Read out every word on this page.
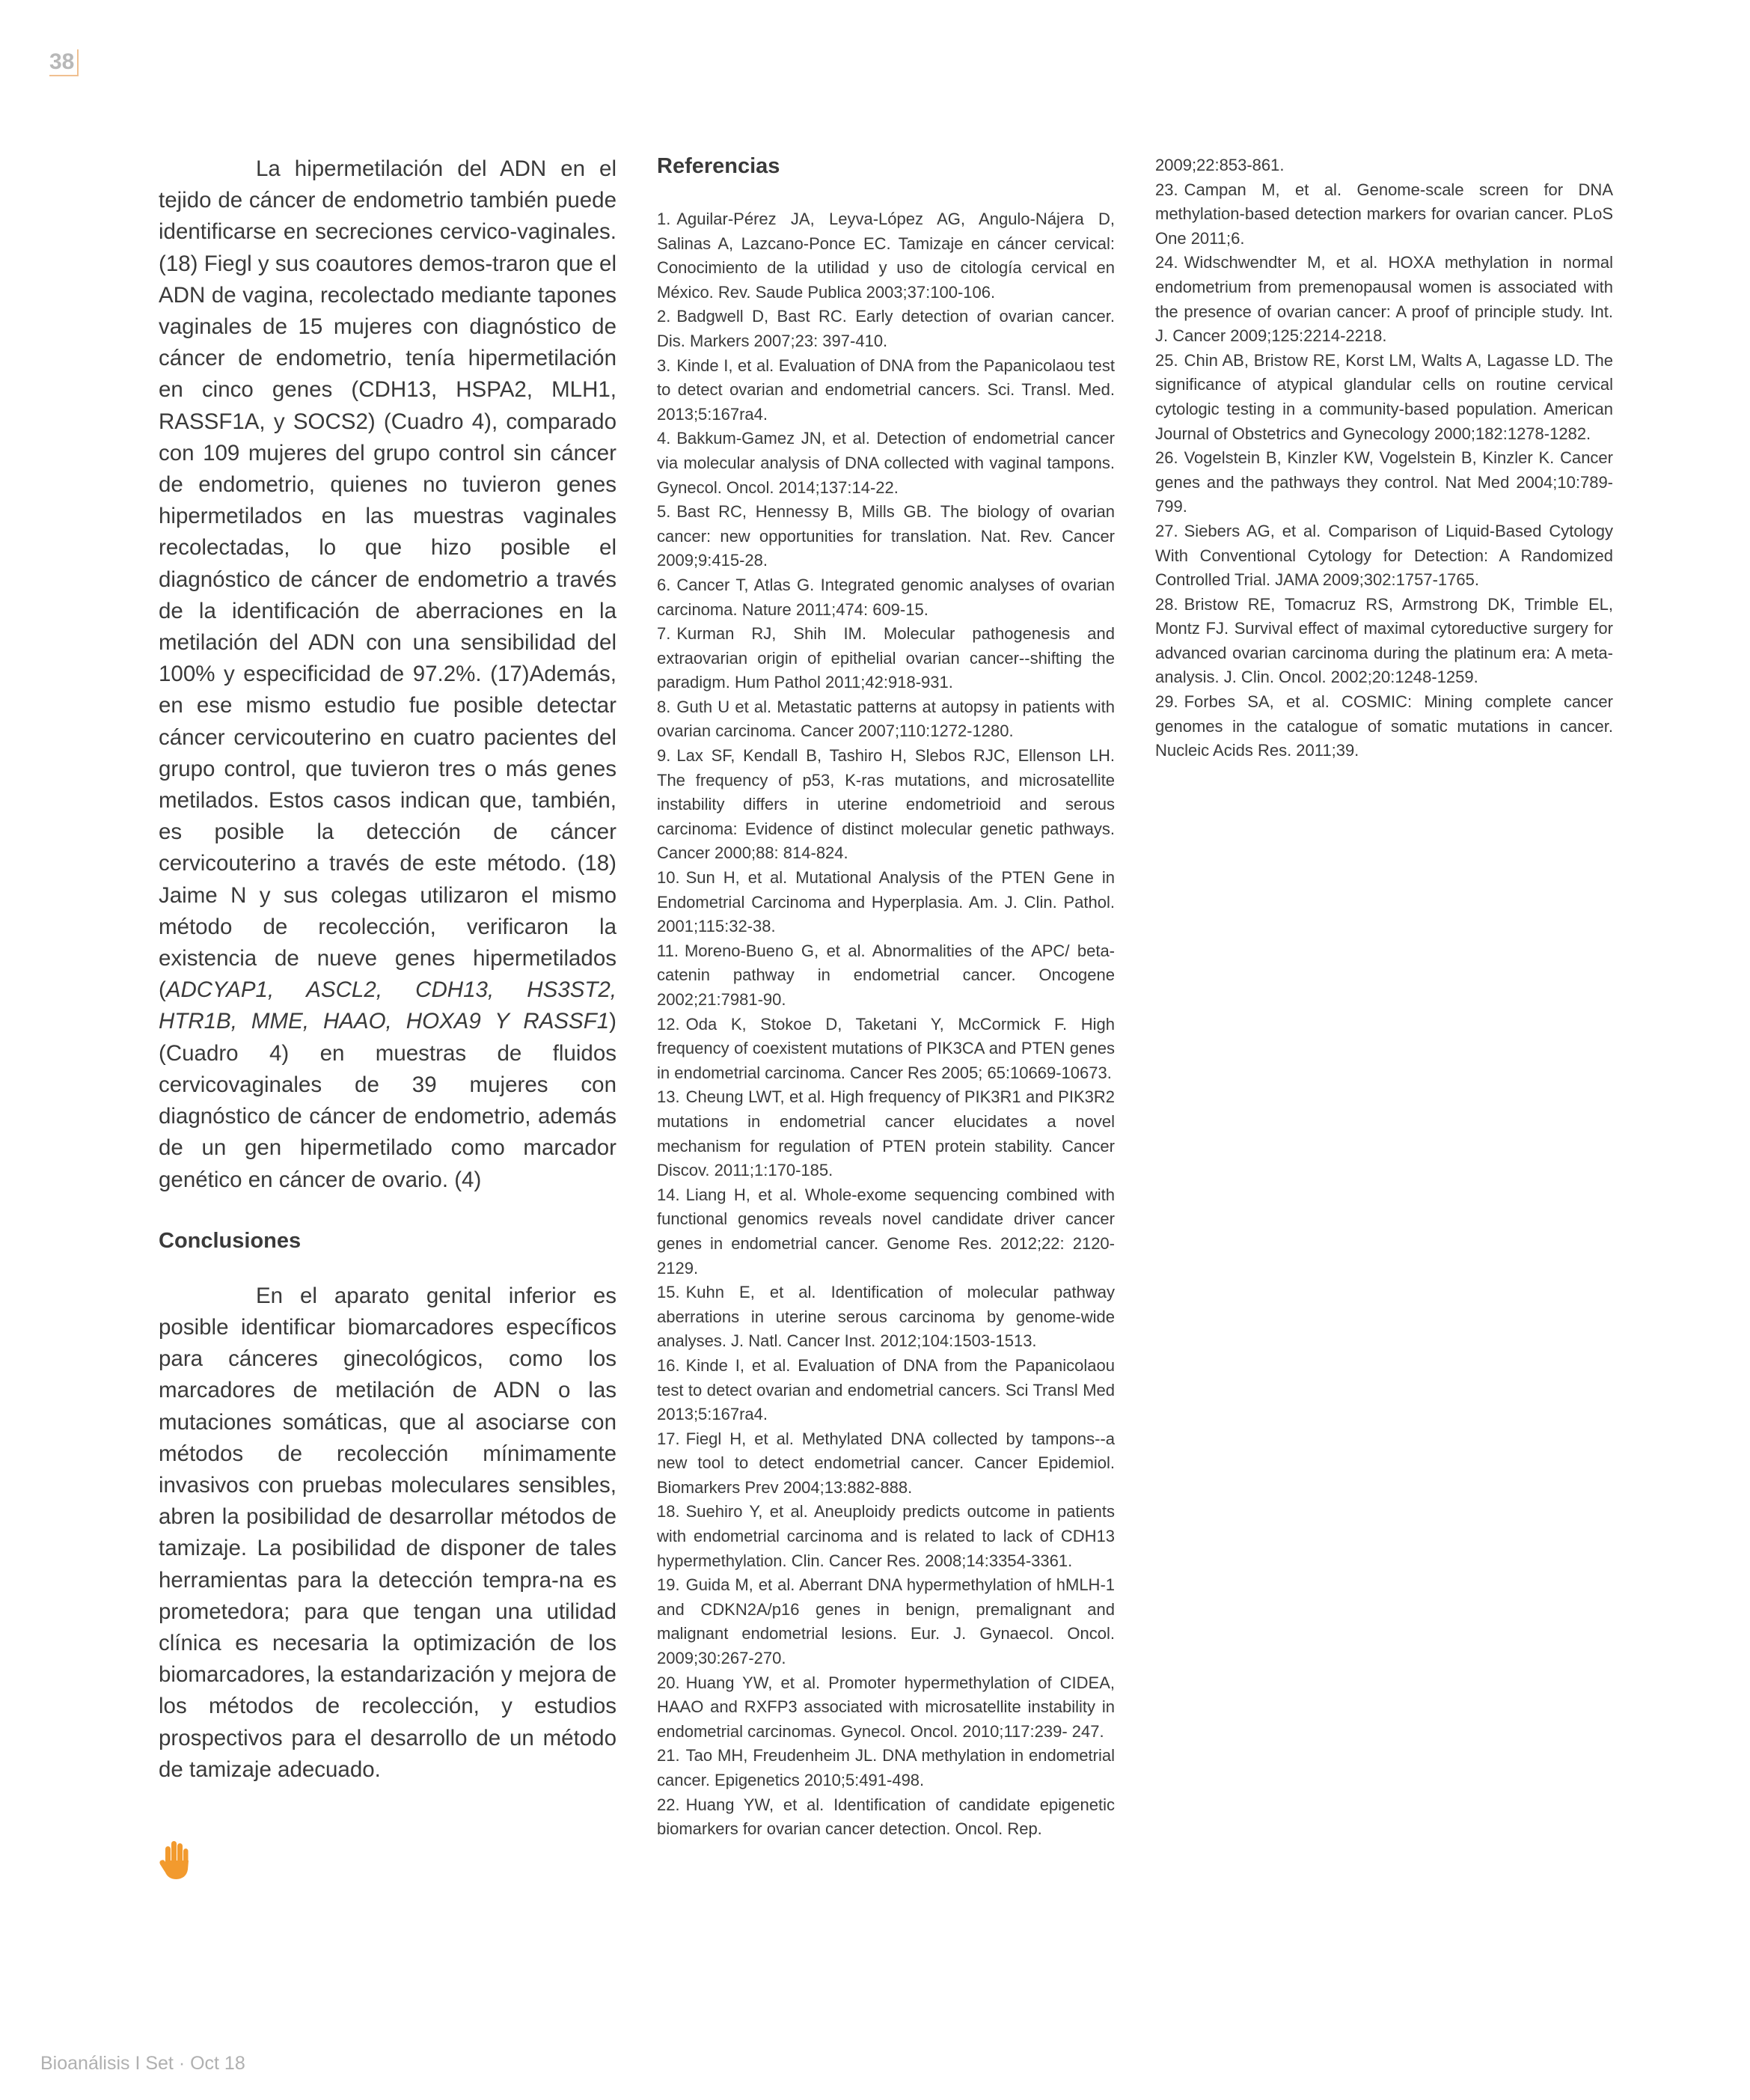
38

La hipermetilación del ADN en el tejido de cáncer de endometrio también puede identificarse en secreciones cervico-vaginales. (18) Fiegl y sus coautores demos-traron que el ADN de vagina, recolectado mediante tapones vaginales de 15 mujeres con diagnóstico de cáncer de endometrio, tenía hipermetilación en cinco genes (CDH13, HSPA2, MLH1, RASSF1A, y SOCS2) (Cuadro 4), comparado con 109 mujeres del grupo control sin cáncer de endometrio, quienes no tuvieron genes hipermetilados en las muestras vaginales recolectadas, lo que hizo posible el diagnóstico de cáncer de endometrio a través de la identificación de aberraciones en la metilación del ADN con una sensibilidad del 100% y especificidad de 97.2%. (17)Además, en ese mismo estudio fue posible detectar cáncer cervicouterino en cuatro pacientes del grupo control, que tuvieron tres o más genes metilados. Estos casos indican que, también, es posible la detección de cáncer cervicouterino a través de este método. (18) Jaime N y sus colegas utilizaron el mismo método de recolección, verificaron la existencia de nueve genes hipermetilados (ADCYAP1, ASCL2, CDH13, HS3ST2, HTR1B, MME, HAAO, HOXA9 Y RASSF1) (Cuadro 4) en muestras de fluidos cervicovaginales de 39 mujeres con diagnóstico de cáncer de endometrio, además de un gen hipermetilado como marcador genético en cáncer de ovario. (4)

Conclusiones

En el aparato genital inferior es posible identificar biomarcadores específicos para cánceres ginecológicos, como los marcadores de metilación de ADN o las mutaciones somáticas, que al asociarse con métodos de recolección mínimamente invasivos con pruebas moleculares sensibles, abren la posibilidad de desarrollar métodos de tamizaje. La posibilidad de disponer de tales herramientas para la detección tempra-na es prometedora; para que tengan una utilidad clínica es necesaria la optimización de los biomarcadores, la estandarización y mejora de los métodos de recolección, y estudios prospectivos para el desarrollo de un método de tamizaje adecuado.

Referencias
1. Aguilar-Pérez JA, Leyva-López AG, Angulo-Nájera D, Salinas A, Lazcano-Ponce EC. Tamizaje en cáncer cervical: Conocimiento de la utilidad y uso de citología cervical en México. Rev. Saude Publica 2003;37:100-106.
2. Badgwell D, Bast RC. Early detection of ovarian cancer. Dis. Markers 2007;23: 397-410.
3. Kinde I, et al. Evaluation of DNA from the Papanicolaou test to detect ovarian and endometrial cancers. Sci. Transl. Med. 2013;5:167ra4.
4. Bakkum-Gamez JN, et al. Detection of endometrial cancer via molecular analysis of DNA collected with vaginal tampons. Gynecol. Oncol. 2014;137:14-22.
5. Bast RC, Hennessy B, Mills GB. The biology of ovarian cancer: new opportunities for translation. Nat. Rev. Cancer 2009;9:415-28.
6. Cancer T, Atlas G. Integrated genomic analyses of ovarian carcinoma. Nature 2011;474: 609-15.
7. Kurman RJ, Shih IM. Molecular pathogenesis and extraovarian origin of epithelial ovarian cancer--shifting the paradigm. Hum Pathol 2011;42:918-931.
8. Guth U et al. Metastatic patterns at autopsy in patients with ovarian carcinoma. Cancer 2007;110:1272-1280.
9. Lax SF, Kendall B, Tashiro H, Slebos RJC, Ellenson LH. The frequency of p53, K-ras mutations, and microsatellite instability differs in uterine endometrioid and serous carcinoma: Evidence of distinct molecular genetic pathways. Cancer 2000;88: 814-824.
10. Sun H, et al. Mutational Analysis of the PTEN Gene in Endometrial Carcinoma and Hyperplasia. Am. J. Clin. Pathol. 2001;115:32-38.
11. Moreno-Bueno G, et al. Abnormalities of the APC/ beta-catenin pathway in endometrial cancer. Oncogene 2002;21:7981-90.
12. Oda K, Stokoe D, Taketani Y, McCormick F. High frequency of coexistent mutations of PIK3CA and PTEN genes in endometrial carcinoma. Cancer Res 2005; 65:10669-10673.
13. Cheung LWT, et al. High frequency of PIK3R1 and PIK3R2 mutations in endometrial cancer elucidates a novel mechanism for regulation of PTEN protein stability. Cancer Discov. 2011;1:170-185.
14. Liang H, et al. Whole-exome sequencing combined with functional genomics reveals novel candidate driver cancer genes in endometrial cancer. Genome Res. 2012;22: 2120-2129.
15. Kuhn E, et al. Identification of molecular pathway aberrations in uterine serous carcinoma by genome-wide analyses. J. Natl. Cancer Inst. 2012;104:1503-1513.
16. Kinde I, et al. Evaluation of DNA from the Papanicolaou test to detect ovarian and endometrial cancers. Sci Transl Med 2013;5:167ra4.
17. Fiegl H, et al. Methylated DNA collected by tampons--a new tool to detect endometrial cancer. Cancer Epidemiol. Biomarkers Prev 2004;13:882-888.
18. Suehiro Y, et al. Aneuploidy predicts outcome in patients with endometrial carcinoma and is related to lack of CDH13 hypermethylation. Clin. Cancer Res. 2008;14:3354-3361.
19. Guida M, et al. Aberrant DNA hypermethylation of hMLH-1 and CDKN2A/p16 genes in benign, premalignant and malignant endometrial lesions. Eur. J. Gynaecol. Oncol. 2009;30:267-270.
20. Huang YW, et al. Promoter hypermethylation of CIDEA, HAAO and RXFP3 associated with microsatellite instability in endometrial carcinomas. Gynecol. Oncol. 2010;117:239- 247.
21. Tao MH, Freudenheim JL. DNA methylation in endometrial cancer. Epigenetics 2010;5:491-498.
22. Huang YW, et al. Identification of candidate epigenetic biomarkers for ovarian cancer detection. Oncol. Rep.
2009;22:853-861.
23. Campan M, et al. Genome-scale screen for DNA methylation-based detection markers for ovarian cancer. PLoS One 2011;6.
24. Widschwendter M, et al. HOXA methylation in normal endometrium from premenopausal women is associated with the presence of ovarian cancer: A proof of principle study. Int. J. Cancer 2009;125:2214-2218.
25. Chin AB, Bristow RE, Korst LM, Walts A, Lagasse LD. The significance of atypical glandular cells on routine cervical cytologic testing in a community-based population. American Journal of Obstetrics and Gynecology 2000;182:1278-1282.
26. Vogelstein B, Kinzler KW, Vogelstein B, Kinzler K. Cancer genes and the pathways they control. Nat Med 2004;10:789-799.
27. Siebers AG, et al. Comparison of Liquid-Based Cytology With Conventional Cytology for Detection: A Randomized Controlled Trial. JAMA 2009;302:1757-1765.
28. Bristow RE, Tomacruz RS, Armstrong DK, Trimble EL, Montz FJ. Survival effect of maximal cytoreductive surgery for advanced ovarian carcinoma during the platinum era: A meta-analysis. J. Clin. Oncol. 2002;20:1248-1259.
29. Forbes SA, et al. COSMIC: Mining complete cancer genomes in the catalogue of somatic mutations in cancer. Nucleic Acids Res. 2011;39.
Bioanálisis I Set · Oct 18
